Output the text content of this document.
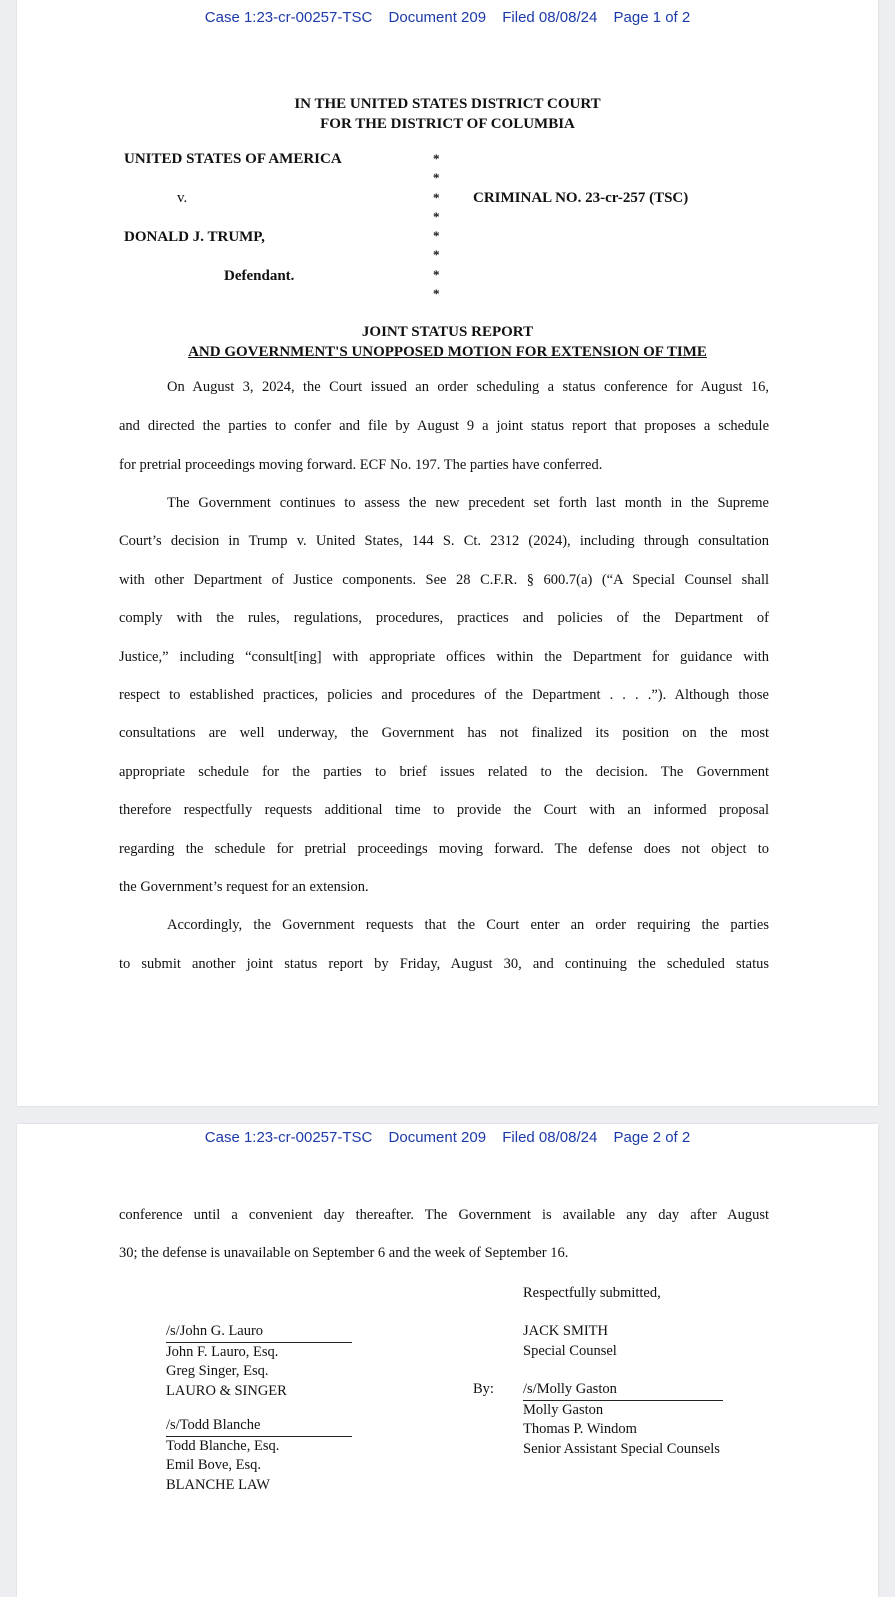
Case 1:23-cr-00257-TSC Document 209 Filed 08/08/24 Page 1 of 2
IN THE UNITED STATES DISTRICT COURT
FOR THE DISTRICT OF COLUMBIA
UNITED STATES OF AMERICA
v.
DONALD J. TRUMP,
Defendant.
CRIMINAL NO. 23-cr-257 (TSC)
*
*
*
*
*
*
*
*
JOINT STATUS REPORT
AND GOVERNMENT'S UNOPPOSED MOTION FOR EXTENSION OF TIME
On August 3, 2024, the Court issued an order scheduling a status conference for August 16,
and directed the parties to confer and file by August 9 a joint status report that proposes a schedule
for pretrial proceedings moving forward. ECF No. 197. The parties have conferred.
The Government continues to assess the new precedent set forth last month in the Supreme
Court’s decision in Trump v. United States, 144 S. Ct. 2312 (2024), including through consultation
with other Department of Justice components. See 28 C.F.R. § 600.7(a) (“A Special Counsel shall
comply with the rules, regulations, procedures, practices and policies of the Department of
Justice,” including “consult[ing] with appropriate offices within the Department for guidance with
respect to established practices, policies and procedures of the Department . . . .”). Although those
consultations are well underway, the Government has not finalized its position on the most
appropriate schedule for the parties to brief issues related to the decision. The Government
therefore respectfully requests additional time to provide the Court with an informed proposal
regarding the schedule for pretrial proceedings moving forward. The defense does not object to
the Government’s request for an extension.
Accordingly, the Government requests that the Court enter an order requiring the parties
to submit another joint status report by Friday, August 30, and continuing the scheduled status
Case 1:23-cr-00257-TSC Document 209 Filed 08/08/24 Page 2 of 2
conference until a convenient day thereafter. The Government is available any day after August
30; the defense is unavailable on September 6 and the week of September 16.
Respectfully submitted,
/s/John G. Lauro
John F. Lauro, Esq.
Greg Singer, Esq.
LAURO & SINGER
/s/Todd Blanche
Todd Blanche, Esq.
Emil Bove, Esq.
BLANCHE LAW
JACK SMITH
Special Counsel
By: /s/Molly Gaston
Molly Gaston
Thomas P. Windom
Senior Assistant Special Counsels
